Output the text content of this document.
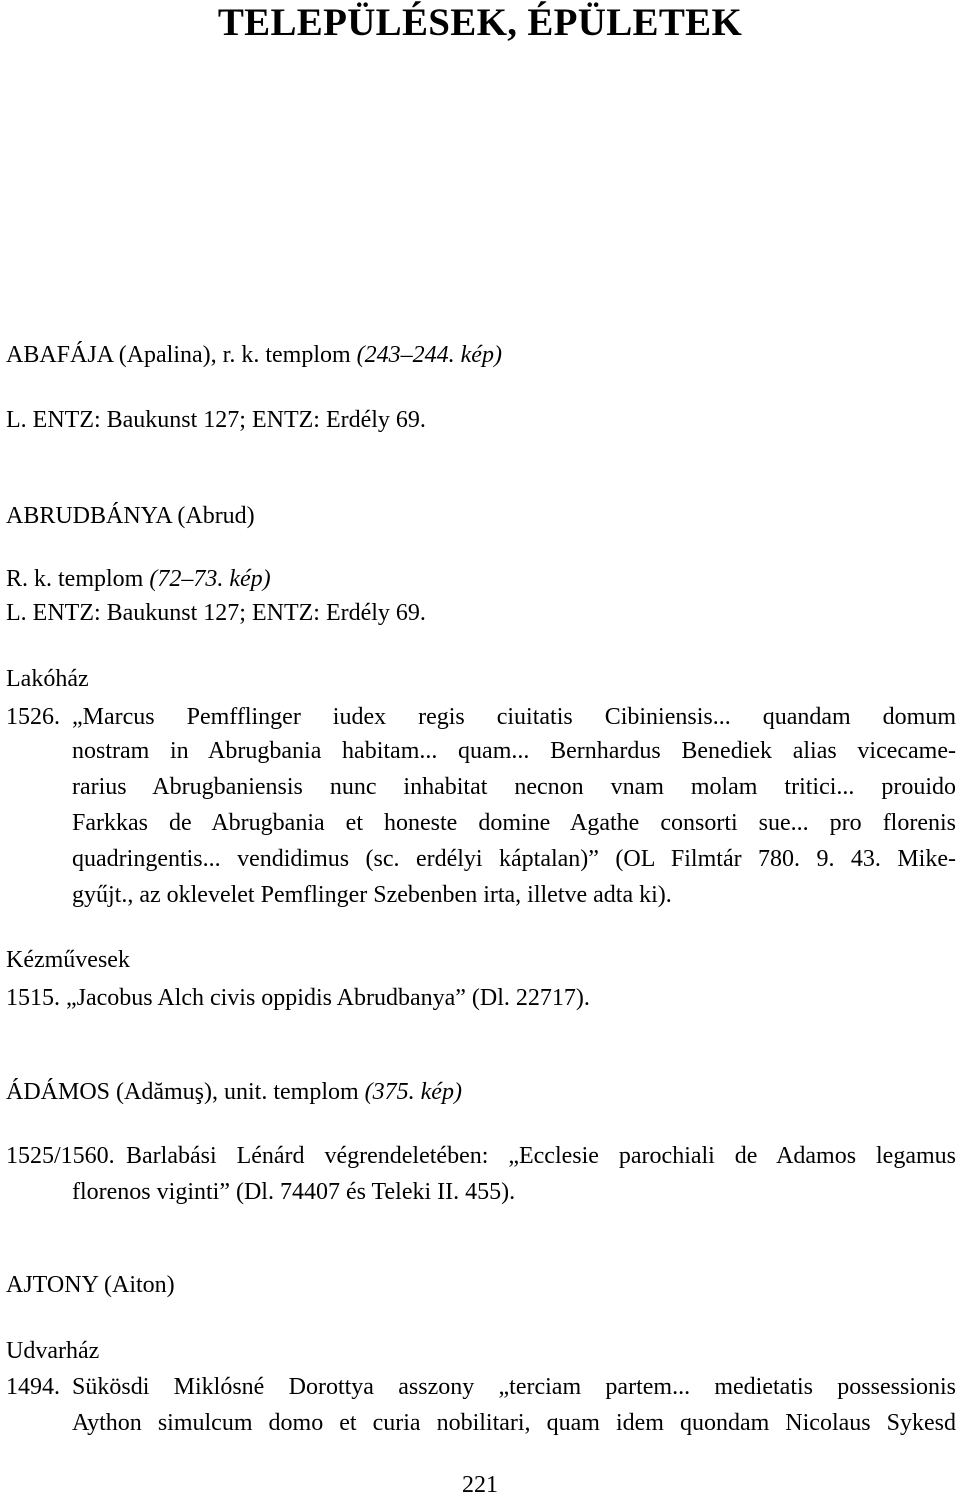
TELEPÜLÉSEK, ÉPÜLETEK
ABAFÁJA (Apalina), r. k. templom (243–244. kép)
L. ENTZ: Baukunst 127; ENTZ: Erdély 69.
ABRUDBÁNYA (Abrud)
R. k. templom (72–73. kép)
L. ENTZ: Baukunst 127; ENTZ: Erdély 69.
Lakóház
1526. „Marcus Pemfflinger iudex regis ciuitatis Cibiniensis... quandam domum
nostram in Abrugbania habitam... quam... Bernhardus Benediek alias vicecame-
rarius Abrugbaniensis nunc inhabitat necnon vnam molam tritici... prouido
Farkkas de Abrugbania et honeste domine Agathe consorti sue... pro florenis
quadringentis... vendidimus (sc. erdélyi káptalan)” (OL Filmtár 780. 9. 43. Mike-
gyűjt., az oklevelet Pemflinger Szebenben irta, illetve adta ki).
Kézművesek
1515. „Jacobus Alch civis oppidis Abrudbanya” (Dl. 22717).
ÁDÁMOS (Adămuş), unit. templom (375. kép)
1525/1560. Barlabási Lénárd végrendeletében: „Ecclesie parochiali de Adamos legamus
florenos viginti” (Dl. 74407 és Teleki II. 455).
AJTONY (Aiton)
Udvarház
1494. Sükösdi Miklósné Dorottya asszony „terciam partem... medietatis possessionis
Aython simulcum domo et curia nobilitari, quam idem quondam Nicolaus Sykesd
221
